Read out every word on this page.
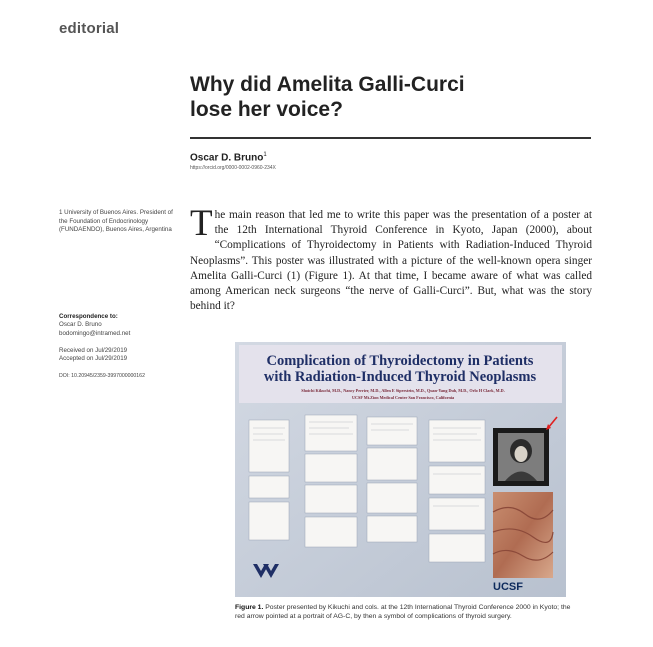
editorial
Why did Amelita Galli-Curci
lose her voice?
Oscar D. Bruno$^1$
https://orcid.org/0000-0002-0960-234X
1 University of Buenos Aires. President of the Foundation of Endocrinology (FUNDAENDO), Buenos Aires, Argentina
Correspondence to:
Oscar D. Bruno
bodomingo@intramed.net
Received on Jul/29/2019
Accepted on Jul/29/2019
DOI: 10.20945/2359-3997000000162

The main reason that led me to write this paper was the presentation of a poster at the 12th International Thyroid Conference in Kyoto, Japan (2000), about “Complications of Thyroidectomy in Patients with Radiation-Induced Thyroid Neoplasms”. This poster was illustrated with a picture of the well-known opera singer Amelita Galli-Curci (1) (Figure 1). At that time, I became aware of what was called among American neck surgeons “the nerve of Galli-Curci”. But, what was the story behind it?

Complication of Thyroidectomy in Patients
with Radiation-Induced Thyroid Neoplasms
Shoichi Kikuchi, M.D., Nancy Perrier, M.D., Allen E Siperstein, M.D., Quan-Yang Duh, M.D., Orlo H Clark, M.D.
UCSF Mt.Zion Medical Center San Francisco, California
UCSF
Figure 1. Poster presented by Kikuchi and cols. at the 12th International Thyroid Conference 2000 in Kyoto; the red arrow pointed at a portrait of AG-C, by then a symbol of complications of thyroid surgery.
